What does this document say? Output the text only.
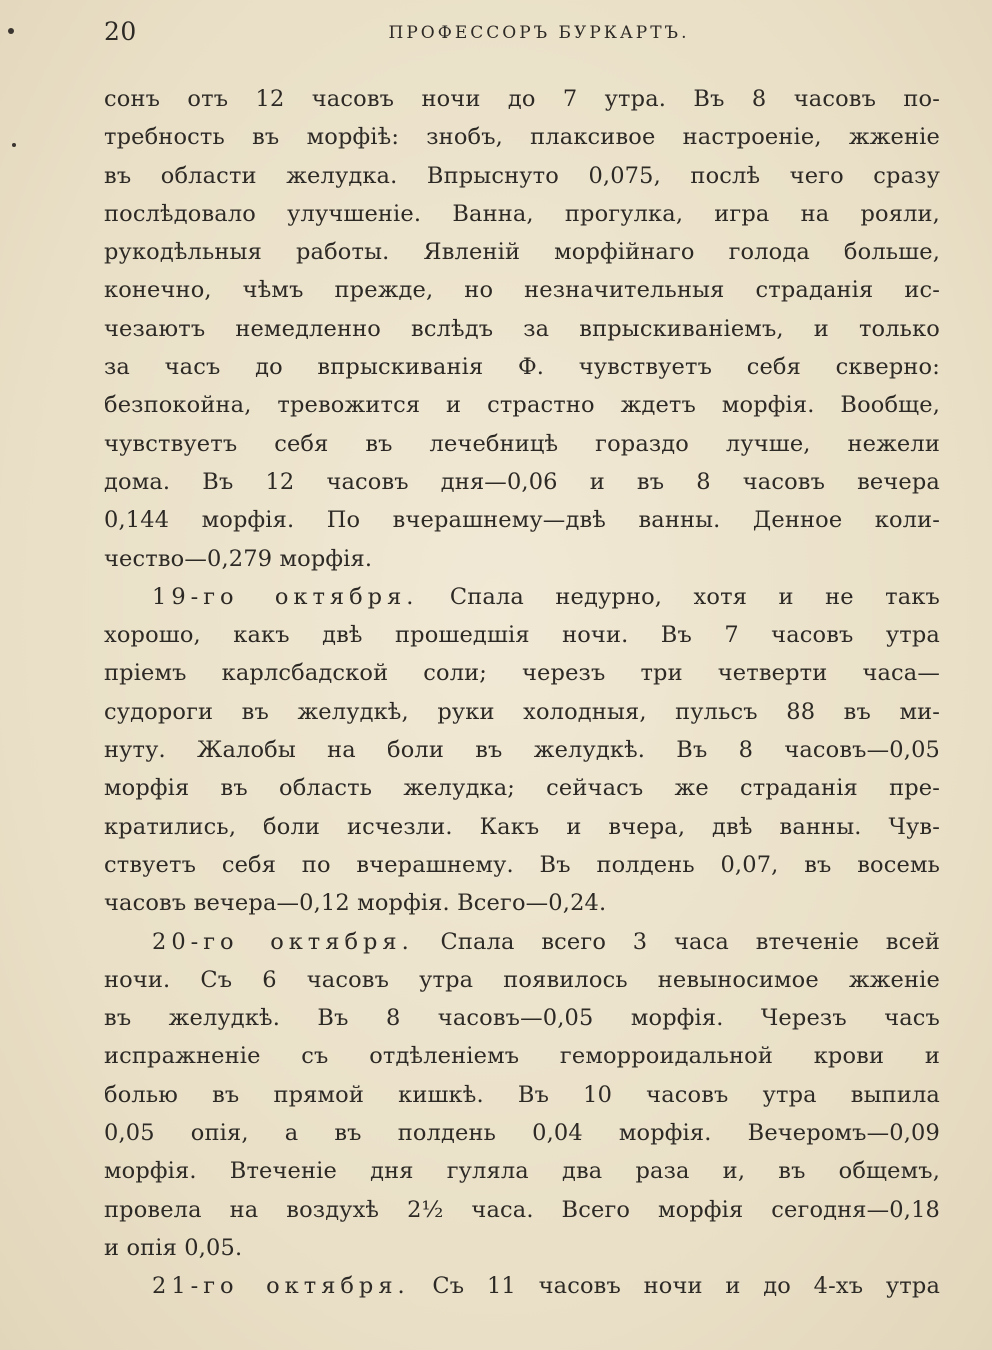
20	ПРОФЕССОРЪ БУРКАРТЪ.
сонъ отъ 12 часовъ ночи до 7 утра. Въ 8 часовъ по-
требность въ морфiѣ: знобъ, плаксивое настроенiе, жженiе
въ области желудка. Впрыснуто 0,075, послѣ чего сразу
послѣдовало улучшенiе. Ванна, прогулка, игра на рояли,
рукодѣльныя работы. Явленiй морфiйнаго голода больше,
конечно, чѣмъ прежде, но незначительныя страданiя ис-
чезаютъ немедленно вслѣдъ за впрыскиванiемъ, и только
за часъ до впрыскиванiя Ф. чувствуетъ себя скверно:
безпокойна, тревожится и страстно ждетъ морфiя. Вообще,
чувствуетъ себя въ лечебницѣ гораздо лучше, нежели
дома. Въ 12 часовъ дня—0,06 и въ 8 часовъ вечера
0,144 морфiя. По вчерашнему—двѣ ванны. Денное коли-
чество—0,279 морфiя.
19-го октября. Спала недурно, хотя и не такъ
хорошо, какъ двѣ прошедшiя ночи. Въ 7 часовъ утра
прiемъ карлсбадской соли; черезъ три четверти часа—
судороги въ желудкѣ, руки холодныя, пульсъ 88 въ ми-
нуту. Жалобы на боли въ желудкѣ. Въ 8 часовъ—0,05
морфiя въ область желудка; сейчасъ же страданiя пре-
кратились, боли исчезли. Какъ и вчера, двѣ ванны. Чув-
ствуетъ себя по вчерашнему. Въ полдень 0,07, въ восемь
часовъ вечера—0,12 морфiя. Всего—0,24.
20-го октября. Спала всего 3 часа втеченiе всей
ночи. Съ 6 часовъ утра появилось невыносимое жженiе
въ желудкѣ. Въ 8 часовъ—0,05 морфiя. Черезъ часъ
испражненiе съ отдѣленiемъ геморроидальной крови и
болью въ прямой кишкѣ. Въ 10 часовъ утра выпила
0,05 опiя, а въ полдень 0,04 морфiя. Вечеромъ—0,09
морфiя. Втеченiе дня гуляла два раза и, въ общемъ,
провела на воздухѣ 2½ часа. Всего морфiя сегодня—0,18
и опiя 0,05.
21-го октября. Съ 11 часовъ ночи и до 4-хъ утра
